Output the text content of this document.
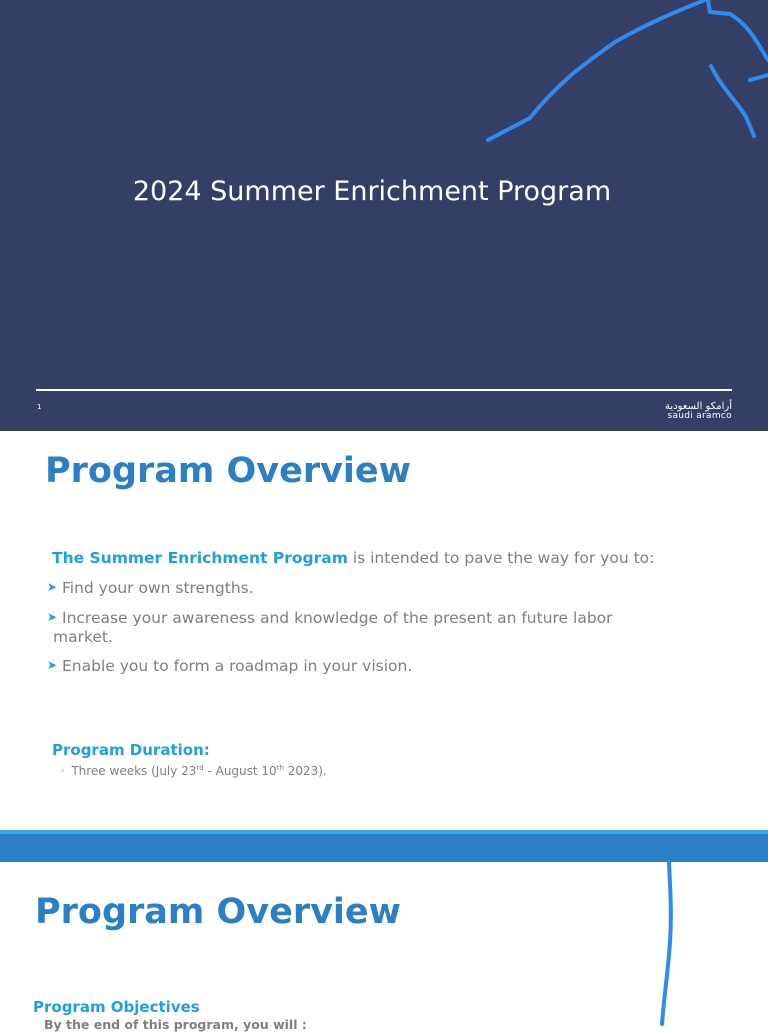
2024 Summer Enrichment Program
1	أرامكو السعودية
saudi aramco
Program Overview
The Summer Enrichment Program is intended to pave the way for you to:
➤ Find your own strengths.
➤ Increase your awareness and knowledge of the present an future labor
market.
➤ Enable you to form a roadmap in your vision.
Program Duration:
◦ Three weeks (July 23rd - August 10th 2023).
Program Overview
Program Objectives
By the end of this program, you will :
